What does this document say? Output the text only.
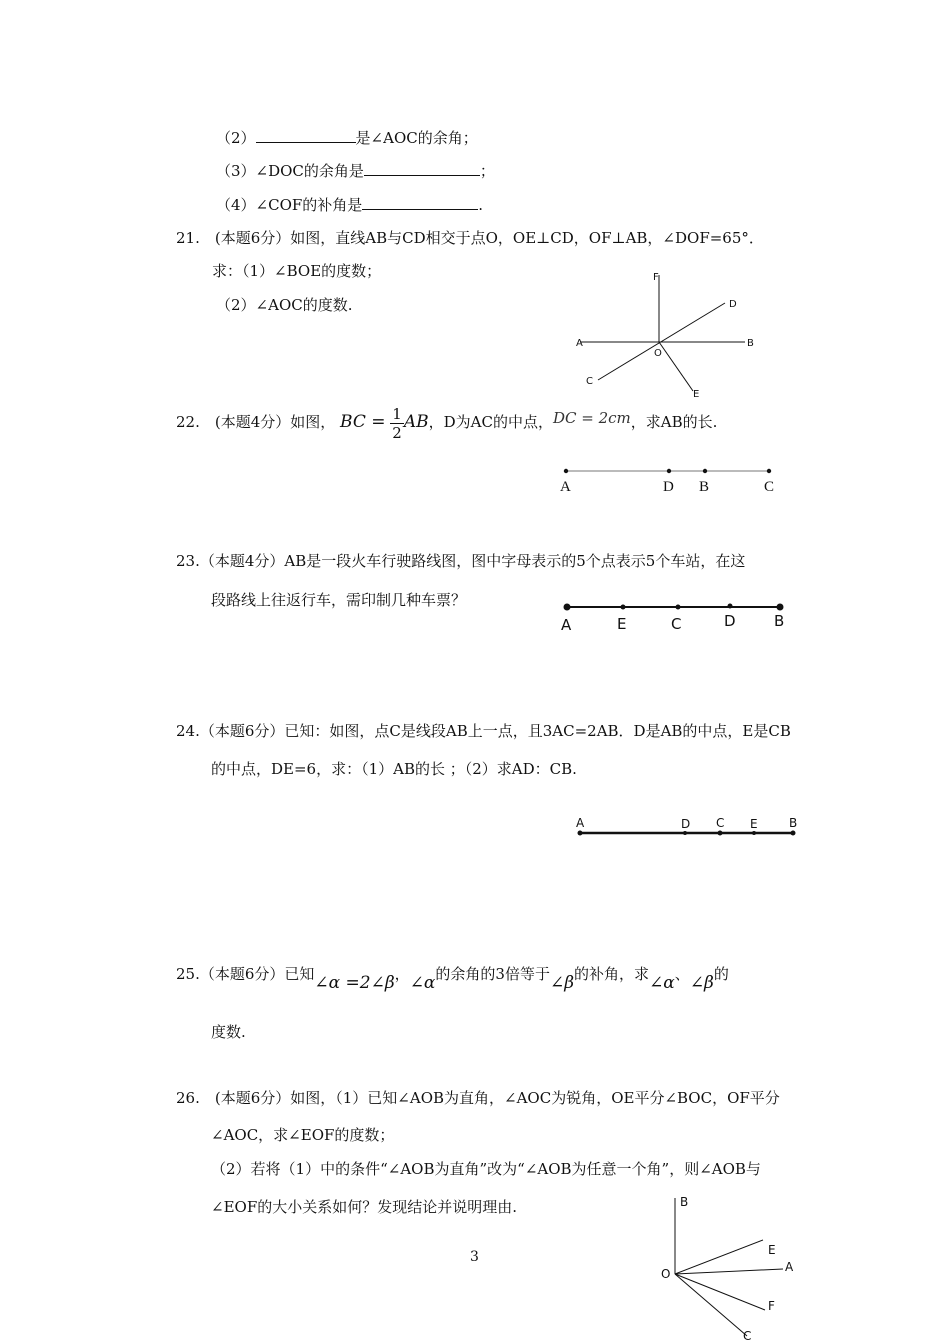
（2）	是∠AOC的余角；
（3）∠DOC的余角是	；
（4）∠COF的补角是	.
21.　(本题6分）如图，直线AB与CD相交于点O，OE⊥CD，OF⊥AB，∠DOF=65°．
求：（1）∠BOE的度数；
（2）∠AOC的度数.
F
D
A
O
B
C
E
22.　(本题4分）如图， BC = $\frac{1}{2}$ AB，D为AC的中点， DC = 2cm ，求AB的长.
A	D B	C
23.（本题4分）AB是一段火车行驶路线图，图中字母表示的5个点表示5个车站，在这
段路线上往返行车，需印制几种车票？
A	E	C	D	B
24.（本题6分）已知：如图，点C是线段AB上一点，且3AC=2AB．D是AB的中点，E是CB
的中点，DE=6，求：（1）AB的长 ；（2）求AD：CB.
A	D C E	B
25.（本题6分）已知∠α =2∠β，∠α的余角的3倍等于∠β的补角，求∠α、∠β的
度数.
26.　(本题6分）如图，（1）已知∠AOB为直角，∠AOC为锐角，OE平分∠BOC，OF平分
∠AOC，求∠EOF的度数；
（2）若将（1）中的条件“∠AOB为直角”改为“∠AOB为任意一个角”，则∠AOB与
∠EOF的大小关系如何？发现结论并说明理由.	B
E
O	A
F
C
3
